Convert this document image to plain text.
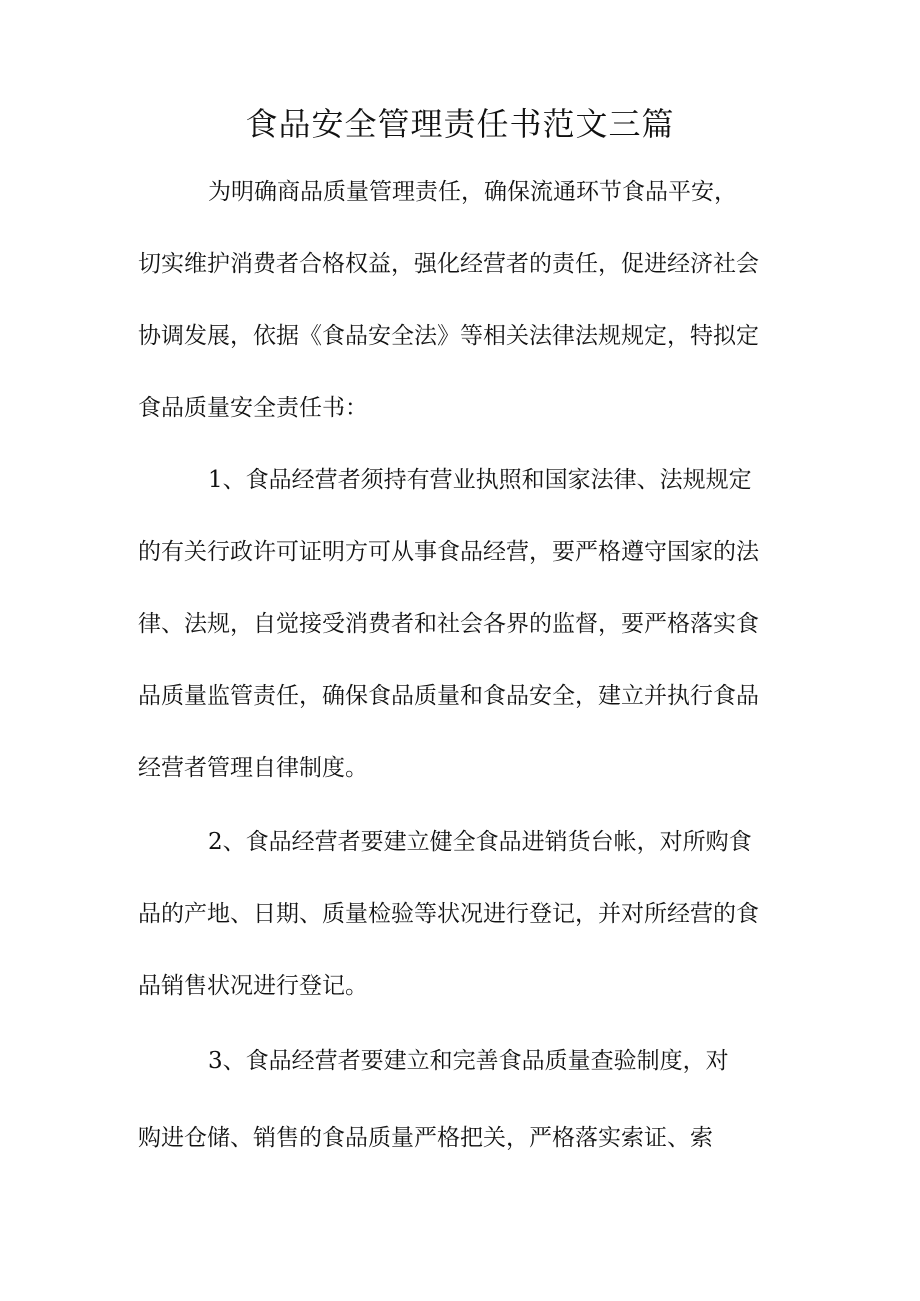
食品安全管理责任书范文三篇
为明确商品质量管理责任，确保流通环节食品平安，
切实维护消费者合格权益，强化经营者的责任，促进经济社会
协调发展，依据《食品安全法》等相关法律法规规定，特拟定
食品质量安全责任书：
1、食品经营者须持有营业执照和国家法律、法规规定
的有关行政许可证明方可从事食品经营，要严格遵守国家的法
律、法规，自觉接受消费者和社会各界的监督，要严格落实食
品质量监管责任，确保食品质量和食品安全，建立并执行食品
经营者管理自律制度。
2、食品经营者要建立健全食品进销货台帐，对所购食
品的产地、日期、质量检验等状况进行登记，并对所经营的食
品销售状况进行登记。
3、食品经营者要建立和完善食品质量查验制度，对
购进仓储、销售的食品质量严格把关，严格落实索证、索
